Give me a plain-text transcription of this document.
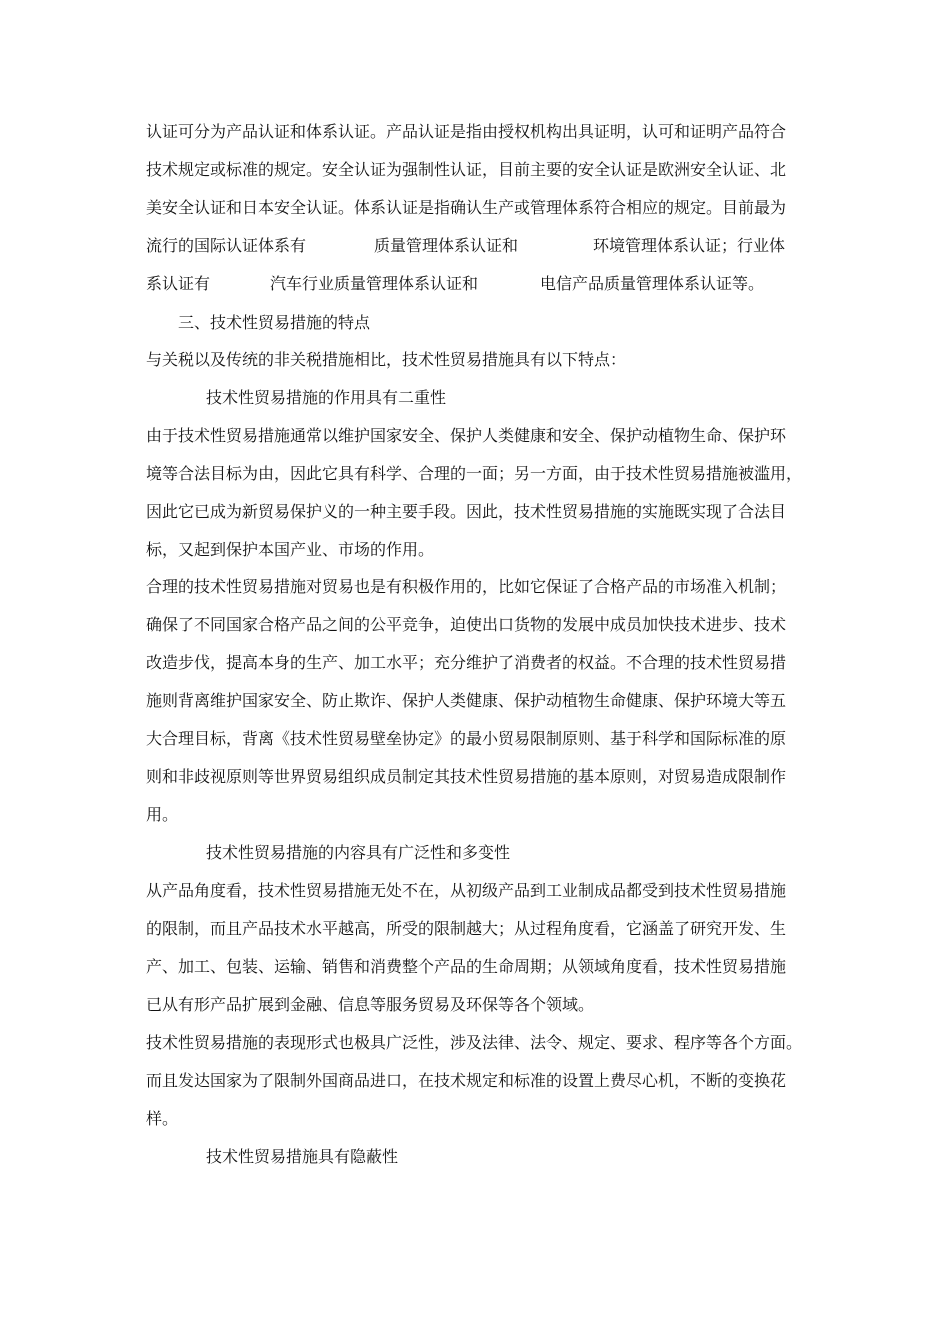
认证可分为产品认证和体系认证。产品认证是指由授权机构出具证明，认可和证明产品符合
技术规定或标准的规定。安全认证为强制性认证，目前主要的安全认证是欧洲安全认证、北
美安全认证和日本安全认证。体系认证是指确认生产或管理体系符合相应的规定。目前最为
流行的国际认证体系有	质量管理体系认证和	环境管理体系认证；行业体
系认证有	汽车行业质量管理体系认证和	电信产品质量管理体系认证等。
三、技术性贸易措施的特点
与关税以及传统的非关税措施相比，技术性贸易措施具有以下特点：
技术性贸易措施的作用具有二重性
由于技术性贸易措施通常以维护国家安全、保护人类健康和安全、保护动植物生命、保护环
境等合法目标为由，因此它具有科学、合理的一面；另一方面，由于技术性贸易措施被滥用，
因此它已成为新贸易保护义的一种主要手段。因此，技术性贸易措施的实施既实现了合法目
标，又起到保护本国产业、市场的作用。
合理的技术性贸易措施对贸易也是有积极作用的，比如它保证了合格产品的市场准入机制；
确保了不同国家合格产品之间的公平竞争，迫使出口货物的发展中成员加快技术进步、技术
改造步伐，提高本身的生产、加工水平；充分维护了消费者的权益。不合理的技术性贸易措
施则背离维护国家安全、防止欺诈、保护人类健康、保护动植物生命健康、保护环境大等五
大合理目标，背离《技术性贸易壁垒协定》的最小贸易限制原则、基于科学和国际标准的原
则和非歧视原则等世界贸易组织成员制定其技术性贸易措施的基本原则，对贸易造成限制作
用。
技术性贸易措施的内容具有广泛性和多变性
从产品角度看，技术性贸易措施无处不在，从初级产品到工业制成品都受到技术性贸易措施
的限制，而且产品技术水平越高，所受的限制越大；从过程角度看，它涵盖了研究开发、生
产、加工、包装、运输、销售和消费整个产品的生命周期；从领域角度看，技术性贸易措施
已从有形产品扩展到金融、信息等服务贸易及环保等各个领域。
技术性贸易措施的表现形式也极具广泛性，涉及法律、法令、规定、要求、程序等各个方面。
而且发达国家为了限制外国商品进口，在技术规定和标准的设置上费尽心机，不断的变换花
样。
技术性贸易措施具有隐蔽性
